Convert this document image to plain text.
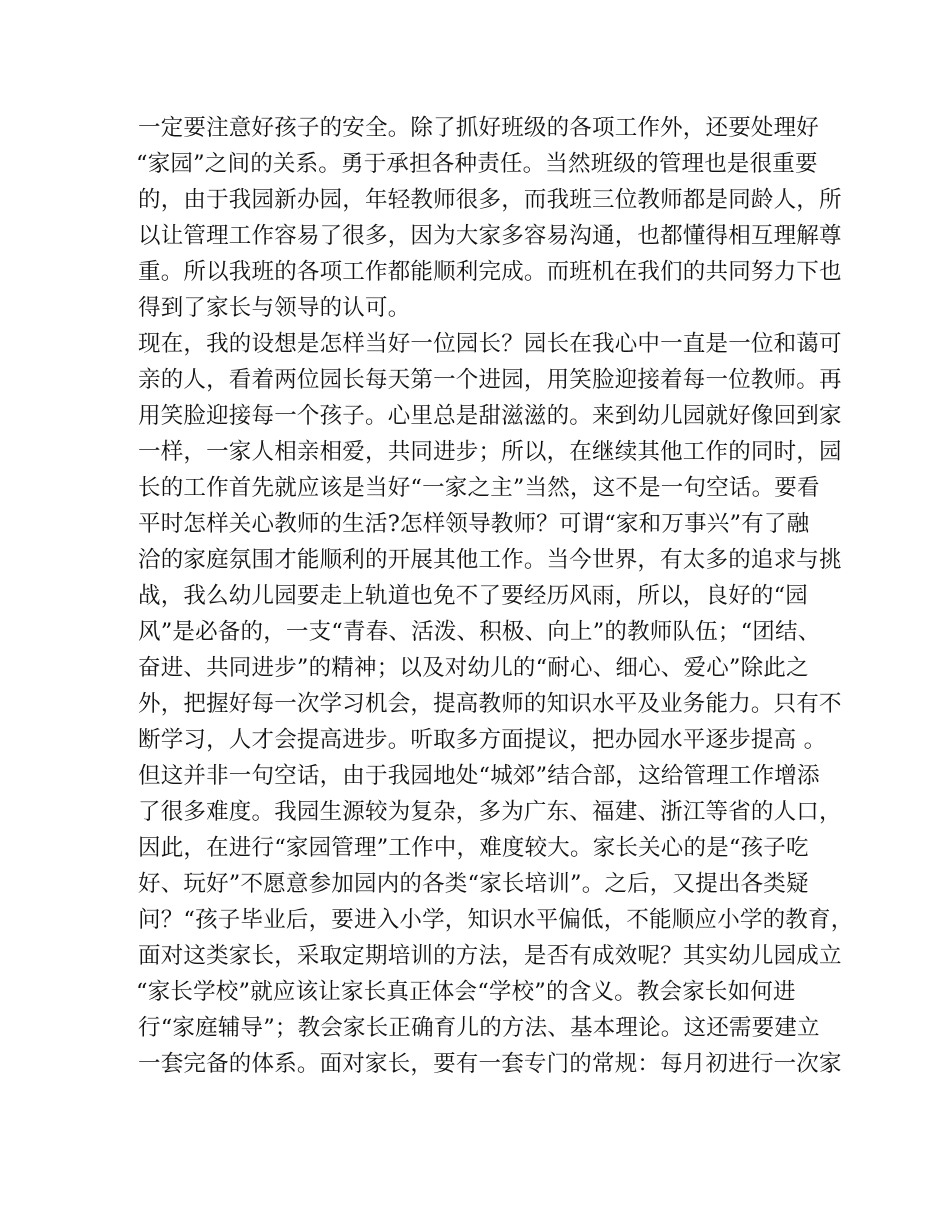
一定要注意好孩子的安全。除了抓好班级的各项工作外，还要处理好
“家园”之间的关系。勇于承担各种责任。当然班级的管理也是很重要
的，由于我园新办园，年轻教师很多，而我班三位教师都是同龄人，所
以让管理工作容易了很多，因为大家多容易沟通，也都懂得相互理解尊
重。所以我班的各项工作都能顺利完成。而班机在我们的共同努力下也
得到了家长与领导的认可。
现在，我的设想是怎样当好一位园长？园长在我心中一直是一位和蔼可
亲的人，看着两位园长每天第一个进园，用笑脸迎接着每一位教师。再
用笑脸迎接每一个孩子。心里总是甜滋滋的。来到幼儿园就好像回到家
一样，一家人相亲相爱，共同进步；所以，在继续其他工作的同时，园
长的工作首先就应该是当好“一家之主”当然，这不是一句空话。要看
平时怎样关心教师的生活?怎样领导教师？可谓“家和万事兴”有了融
洽的家庭氛围才能顺利的开展其他工作。当今世界，有太多的追求与挑
战，我么幼儿园要走上轨道也免不了要经历风雨，所以，良好的“园
风”是必备的，一支“青春、活泼、积极、向上”的教师队伍；“团结、
奋进、共同进步”的精神；以及对幼儿的“耐心、细心、爱心”除此之
外，把握好每一次学习机会，提高教师的知识水平及业务能力。只有不
断学习，人才会提高进步。听取多方面提议，把办园水平逐步提高 。
但这并非一句空话，由于我园地处“城郊”结合部，这给管理工作增添
了很多难度。我园生源较为复杂，多为广东、福建、浙江等省的人口，
因此，在进行“家园管理”工作中，难度较大。家长关心的是“孩子吃
好、玩好”不愿意参加园内的各类“家长培训”。之后，又提出各类疑
问？“孩子毕业后，要进入小学，知识水平偏低，不能顺应小学的教育，
面对这类家长，采取定期培训的方法，是否有成效呢？其实幼儿园成立
“家长学校”就应该让家长真正体会“学校”的含义。教会家长如何进
行“家庭辅导”；教会家长正确育儿的方法、基本理论。这还需要建立
一套完备的体系。面对家长，要有一套专门的常规：每月初进行一次家
